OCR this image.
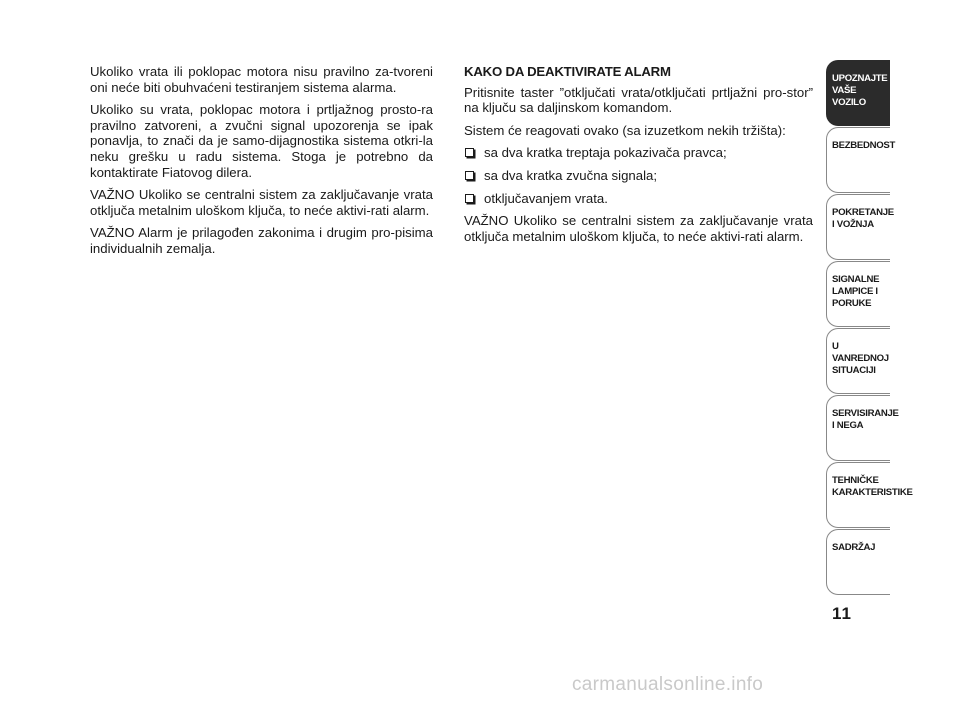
Ukoliko vrata ili poklopac motora nisu pravilno za-tvoreni oni neće biti obuhvaćeni testiranjem sistema alarma.

Ukoliko su vrata, poklopac motora i prtljažnog prosto-ra pravilno zatvoreni, a zvučni signal upozorenja se ipak ponavlja, to znači da je samo-dijagnostika sistema otkri-la neku grešku u radu sistema. Stoga je potrebno da kontaktirate Fiatovog dilera.

VAŽNO Ukoliko se centralni sistem za zaključavanje vrata otključa metalnim uloškom ključa, to neće aktivi-rati alarm.

VAŽNO Alarm je prilagođen zakonima i drugim pro-pisima individualnih zemalja.

KAKO DA DEAKTIVIRATE ALARM

Pritisnite taster ”otključati vrata/otključati prtljažni pro-stor” na ključu sa daljinskom komandom.

Sistem će reagovati ovako (sa izuzetkom nekih tržišta):

sa dva kratka treptaja pokazivača pravca;

sa dva kratka zvučna signala;

otključavanjem vrata.

VAŽNO Ukoliko se centralni sistem za zaključavanje vrata otključa metalnim uloškom ključa, to neće aktivi-rati alarm.

UPOZNAJTE
VAŠE
VOZILO
BEZBEDNOST
POKRETANJE
I VOŽNJA
SIGNALNE
LAMPICE I PORUKE
U VANREDNOJ
SITUACIJI
SERVISIRANJE
I NEGA
TEHNIČKE
KARAKTERISTIKE
SADRŽAJ
11
carmanualsonline.info
